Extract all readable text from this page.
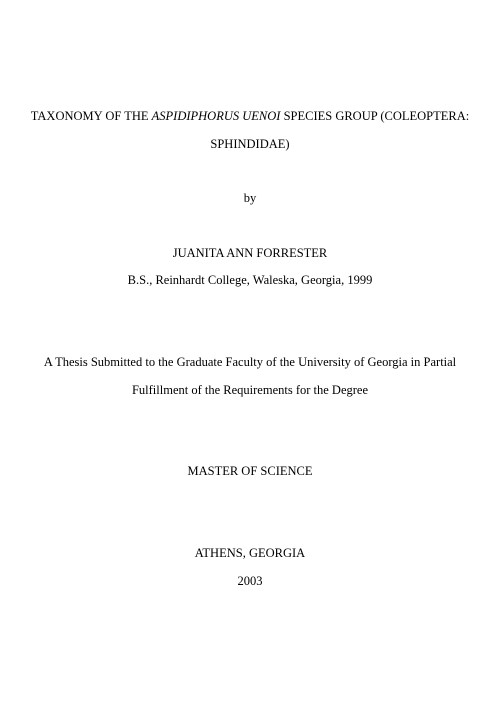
TAXONOMY OF THE ASPIDIPHORUS UENOI SPECIES GROUP (COLEOPTERA:
SPHINDIDAE)
by
JUANITA ANN FORRESTER
B.S., Reinhardt College, Waleska, Georgia, 1999
A Thesis Submitted to the Graduate Faculty of the University of Georgia in Partial
Fulfillment of the Requirements for the Degree
MASTER OF SCIENCE
ATHENS, GEORGIA
2003
